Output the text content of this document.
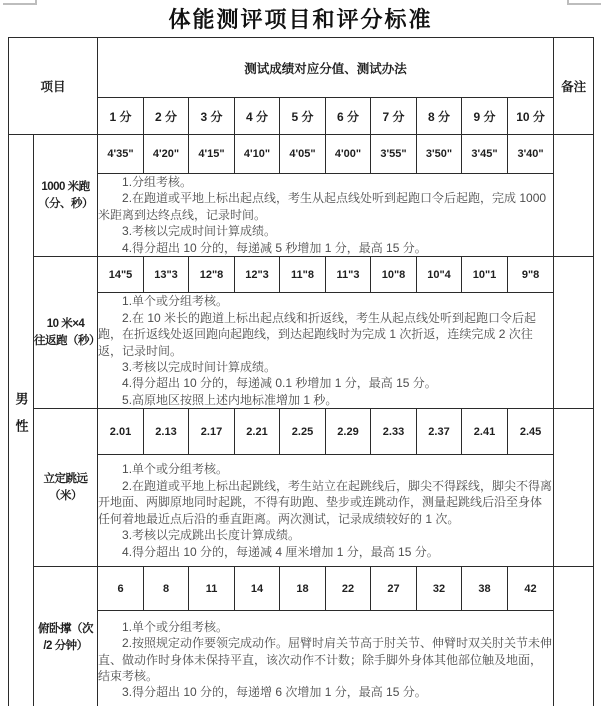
体能测评项目和评分标准
项目		测试成绩对应分值、测试办法										备注
		1 分	2 分	3 分	4 分	5 分	6 分	7 分	8 分	9 分	10 分	
男性	1000 米跑
（分、秒）	4'35"	4'20"	4'15"	4'10"	4'05"	4'00"	3'55"	3'50"	3'45"	3'40"	

		1.分组考核。

2.在跑道或平地上标出起点线，考生从起点线处听到起跑口令后起跑，完成 1000 米距离到达终点线，记录时间。

3.考核以完成时间计算成绩。

4.得分超出 10 分的，每递减 5 秒增加 1 分，最高 15 分。										

	10 米×4
往返跑（秒）	14"5	13"3	12"8	12"3	11"8	11"3	10"8	10"4	10"1	9"8	

		1.单个或分组考核。

2.在 10 米长的跑道上标出起点线和折返线，考生从起点线处听到起跑口令后起跑，在折返线处返回跑向起跑线，到达起跑线时为完成 1 次折返，连续完成 2 次往返，记录时间。

3.考核以完成时间计算成绩。

4.得分超出 10 分的，每递减 0.1 秒增加 1 分，最高 15 分。

5.高原地区按照上述内地标准增加 1 秒。										

	立定跳远
（米）	2.01	2.13	2.17	2.21	2.25	2.29	2.33	2.37	2.41	2.45	

		1.单个或分组考核。

2.在跑道或平地上标出起跳线，考生站立在起跳线后，脚尖不得踩线，脚尖不得离开地面、两脚原地同时起跳，不得有助跑、垫步或连跳动作，测量起跳线后沿至身体任何着地最近点后沿的垂直距离。两次测试，记录成绩较好的 1 次。

3.考核以完成跳出长度计算成绩。

4.得分超出 10 分的，每递减 4 厘米增加 1 分，最高 15 分。										

	俯卧撑（次
/2 分钟）	6	8	11	14	18	22	27	32	38	42	

		1.单个或分组考核。

2.按照规定动作要领完成动作。屈臂时肩关节高于肘关节、伸臂时双关肘关节未伸直、做动作时身体未保持平直，该次动作不计数；除手脚外身体其他部位触及地面，结束考核。

3.得分超出 10 分的，每递增 6 次增加 1 分，最高 15 分。										
